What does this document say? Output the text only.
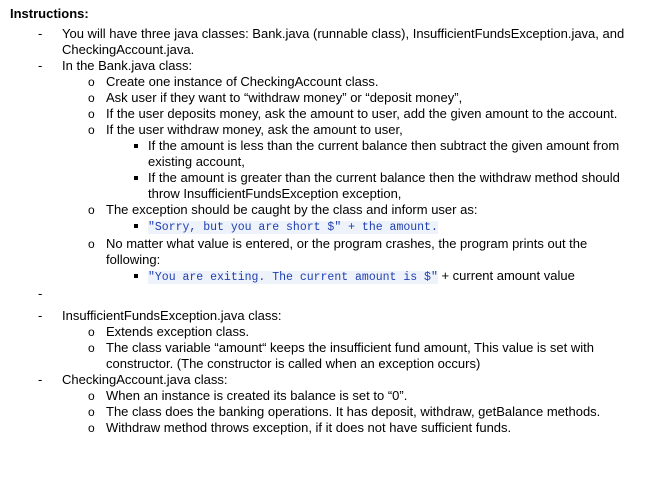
Instructions:
- You will have three java classes: Bank.java (runnable class), InsufficientFundsException.java, and CheckingAccount.java.
- In the Bank.java class:
o Create one instance of CheckingAccount class.
o Ask user if they want to “withdraw money” or “deposit money”,
o If the user deposits money, ask the amount to user, add the given amount to the account.
o If the user withdraw money, ask the amount to user,
If the amount is less than the current balance then subtract the given amount from existing account,
If the amount is greater than the current balance then the withdraw method should throw InsufficientFundsException exception,
o The exception should be caught by the class and inform user as:
"Sorry, but you are short $" + the amount.
o No matter what value is entered, or the program crashes, the program prints out the following:
"You are exiting. The current amount is $" + current amount value
-
- InsufficientFundsException.java class:
o Extends exception class.
o The class variable “amount“ keeps the insufficient fund amount, This value is set with constructor. (The constructor is called when an exception occurs)
- CheckingAccount.java class:
o When an instance is created its balance is set to “0”.
o The class does the banking operations. It has deposit, withdraw, getBalance methods.
o Withdraw method throws exception, if it does not have sufficient funds.
